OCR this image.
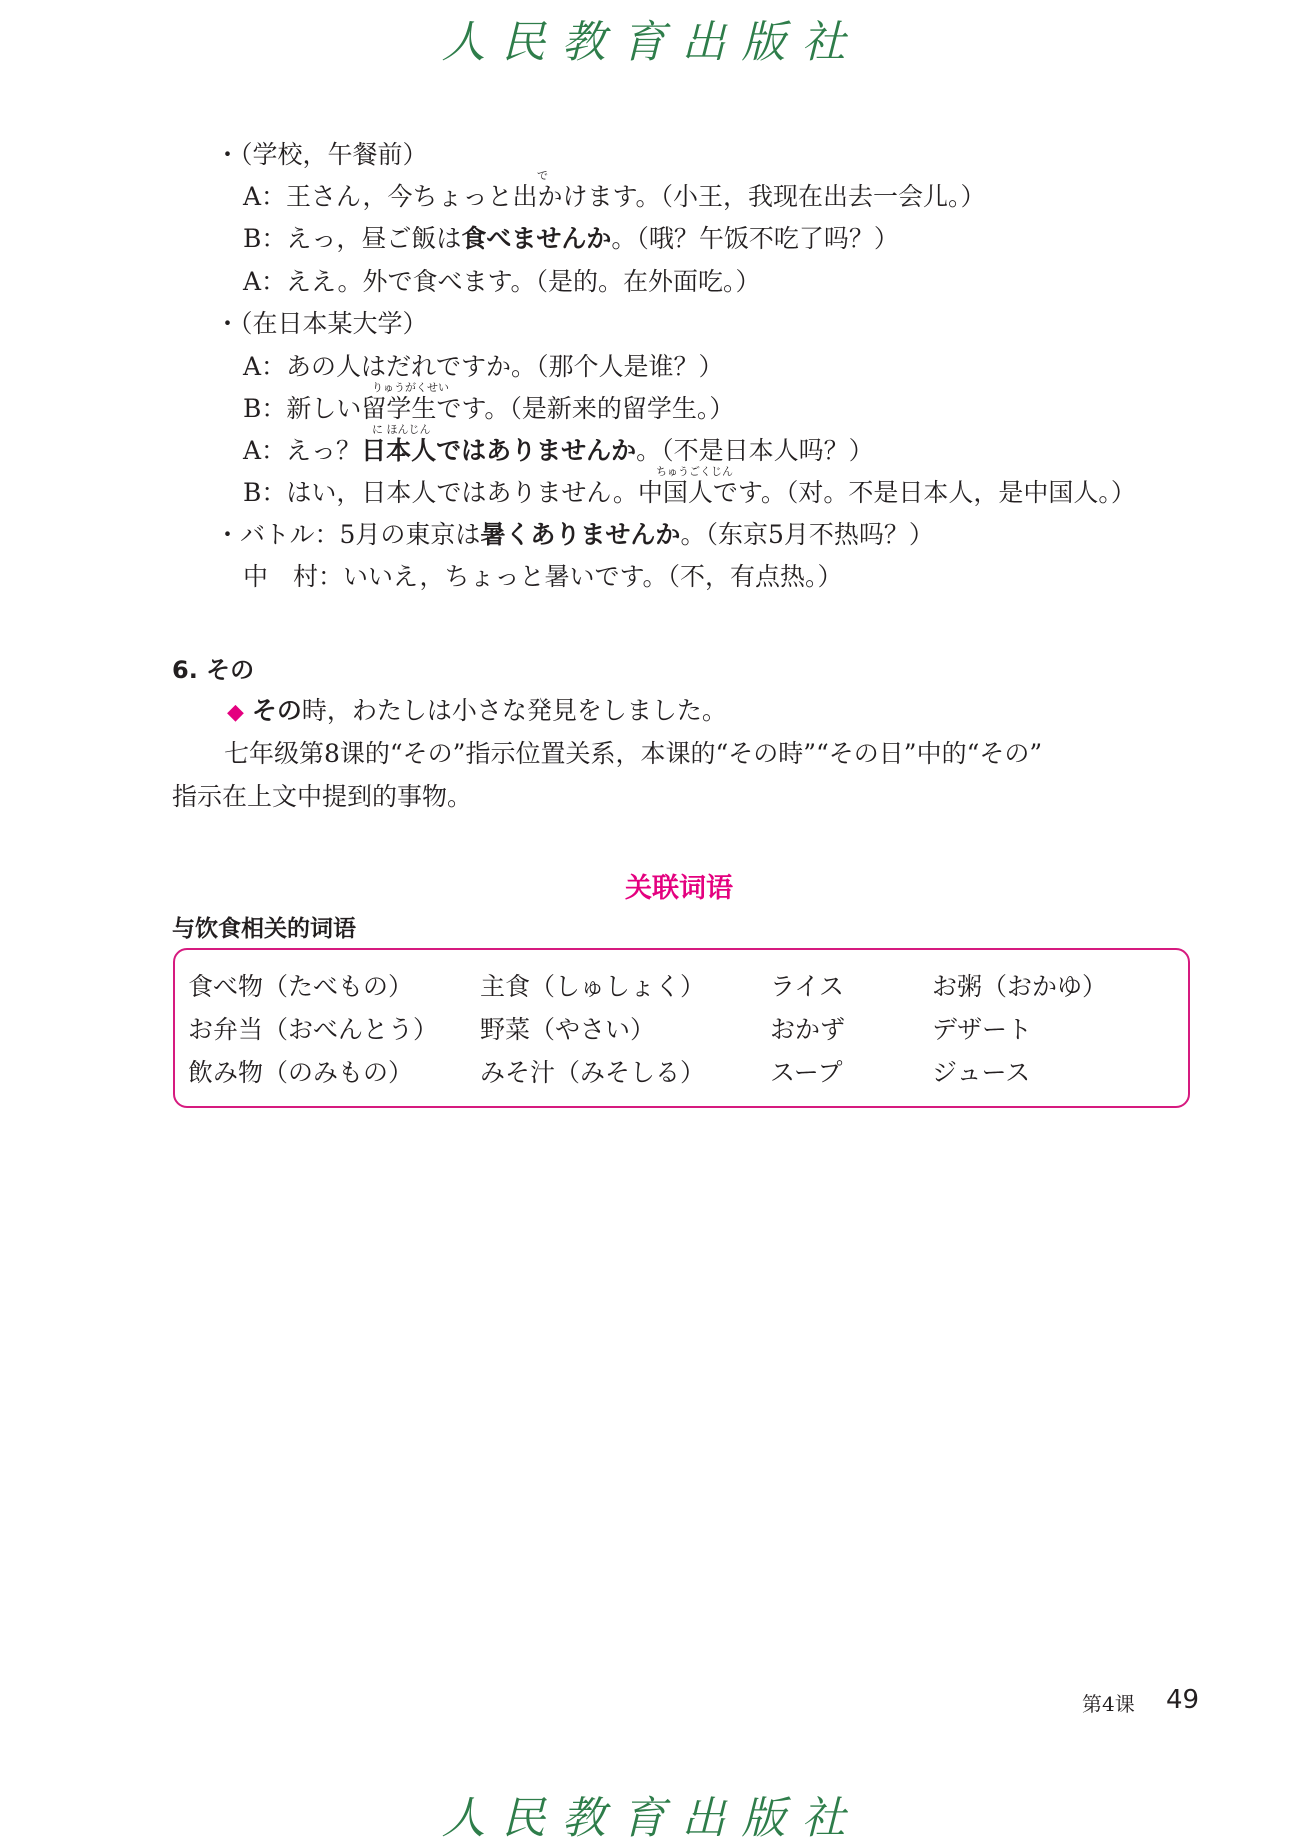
人民教育出版社
・（学校，午餐前）
で
A：王さん，今ちょっと出かけます。（小王，我现在出去一会儿。）
B：えっ，昼ご飯は食べませんか。（哦？午饭不吃了吗？）
A：ええ。外で食べます。（是的。在外面吃。）
・（在日本某大学）
A：あの人はだれですか。（那个人是谁？）
りゅうがくせい
B：新しい留学生です。（是新来的留学生。）
に ほんじん
A：えっ？日本人ではありませんか。（不是日本人吗？）
ちゅうごくじん
B：はい，日本人ではありません。中国人です。（对。不是日本人，是中国人。）
・バトル：5月の東京は暑くありませんか。（东京5月不热吗？）
中　村：いいえ，ちょっと暑いです。（不，有点热。）
6. その
◆ その時，わたしは小さな発見をしました。
七年级第8课的“その”指示位置关系，本课的“その時”“その日”中的“その”
指示在上文中提到的事物。
关联词语
与饮食相关的词语
食べ物（たべもの）	主食（しゅしょく）	ライス	お粥（おかゆ）
お弁当（おべんとう） 野菜（やさい）	おかず	デザート
飲み物（のみもの）	みそ汁（みそしる）	スープ	ジュース
第4课 49
人民教育出版社
